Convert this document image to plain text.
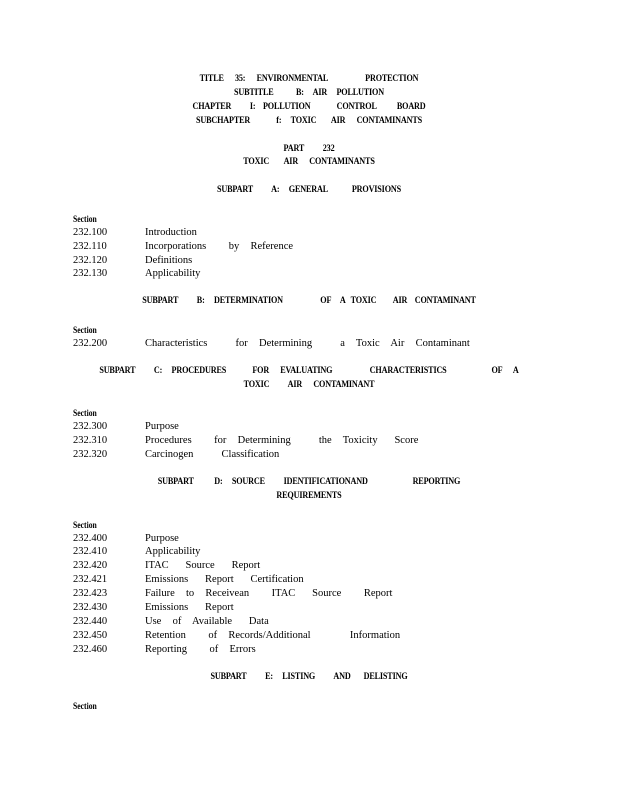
TITLE      35:      ENVIRONMENTAL                    PROTECTION
SUBTITLE            B:     AIR     POLLUTION
CHAPTER          I:    POLLUTION              CONTROL           BOARD
SUBCHAPTER              f:     TOXIC        AIR      CONTAMINANTS
PART          232
TOXIC        AIR      CONTAMINANTS
SUBPART          A:     GENERAL             PROVISIONS
Section
232.100	Introduction
232.110	Incorporations    by  Reference
232.120	Definitions
232.130	Applicability
SUBPART          B:     DETERMINATION                    OF     A   TOXIC         AIR    CONTAMINANT
Section
232.200	Characteristics     for  Determining     a  Toxic  Air  Contaminant
SUBPART          C:     PROCEDURES              FOR      EVALUATING                    CHARACTERISTICS                        OF      A
TOXIC          AIR      CONTAMINANT
Section
232.300	Purpose
232.310	Procedures    for  Determining     the  Toxicity   Score
232.320	Carcinogen     Classification
SUBPART           D:     SOURCE          IDENTIFICATIONAND                        REPORTING
REQUIREMENTS
Section
232.400	Purpose
232.410	Applicability
232.420	ITAC   Source   Report
232.421	Emissions   Report   Certification
232.423	Failure  to  Receivean    ITAC   Source    Report
232.430	Emissions   Report
232.440	Use  of  Available   Data
232.450	Retention    of  Records/Additional       Information
232.460	Reporting    of  Errors
SUBPART          E:     LISTING          AND       DELISTING
Section
